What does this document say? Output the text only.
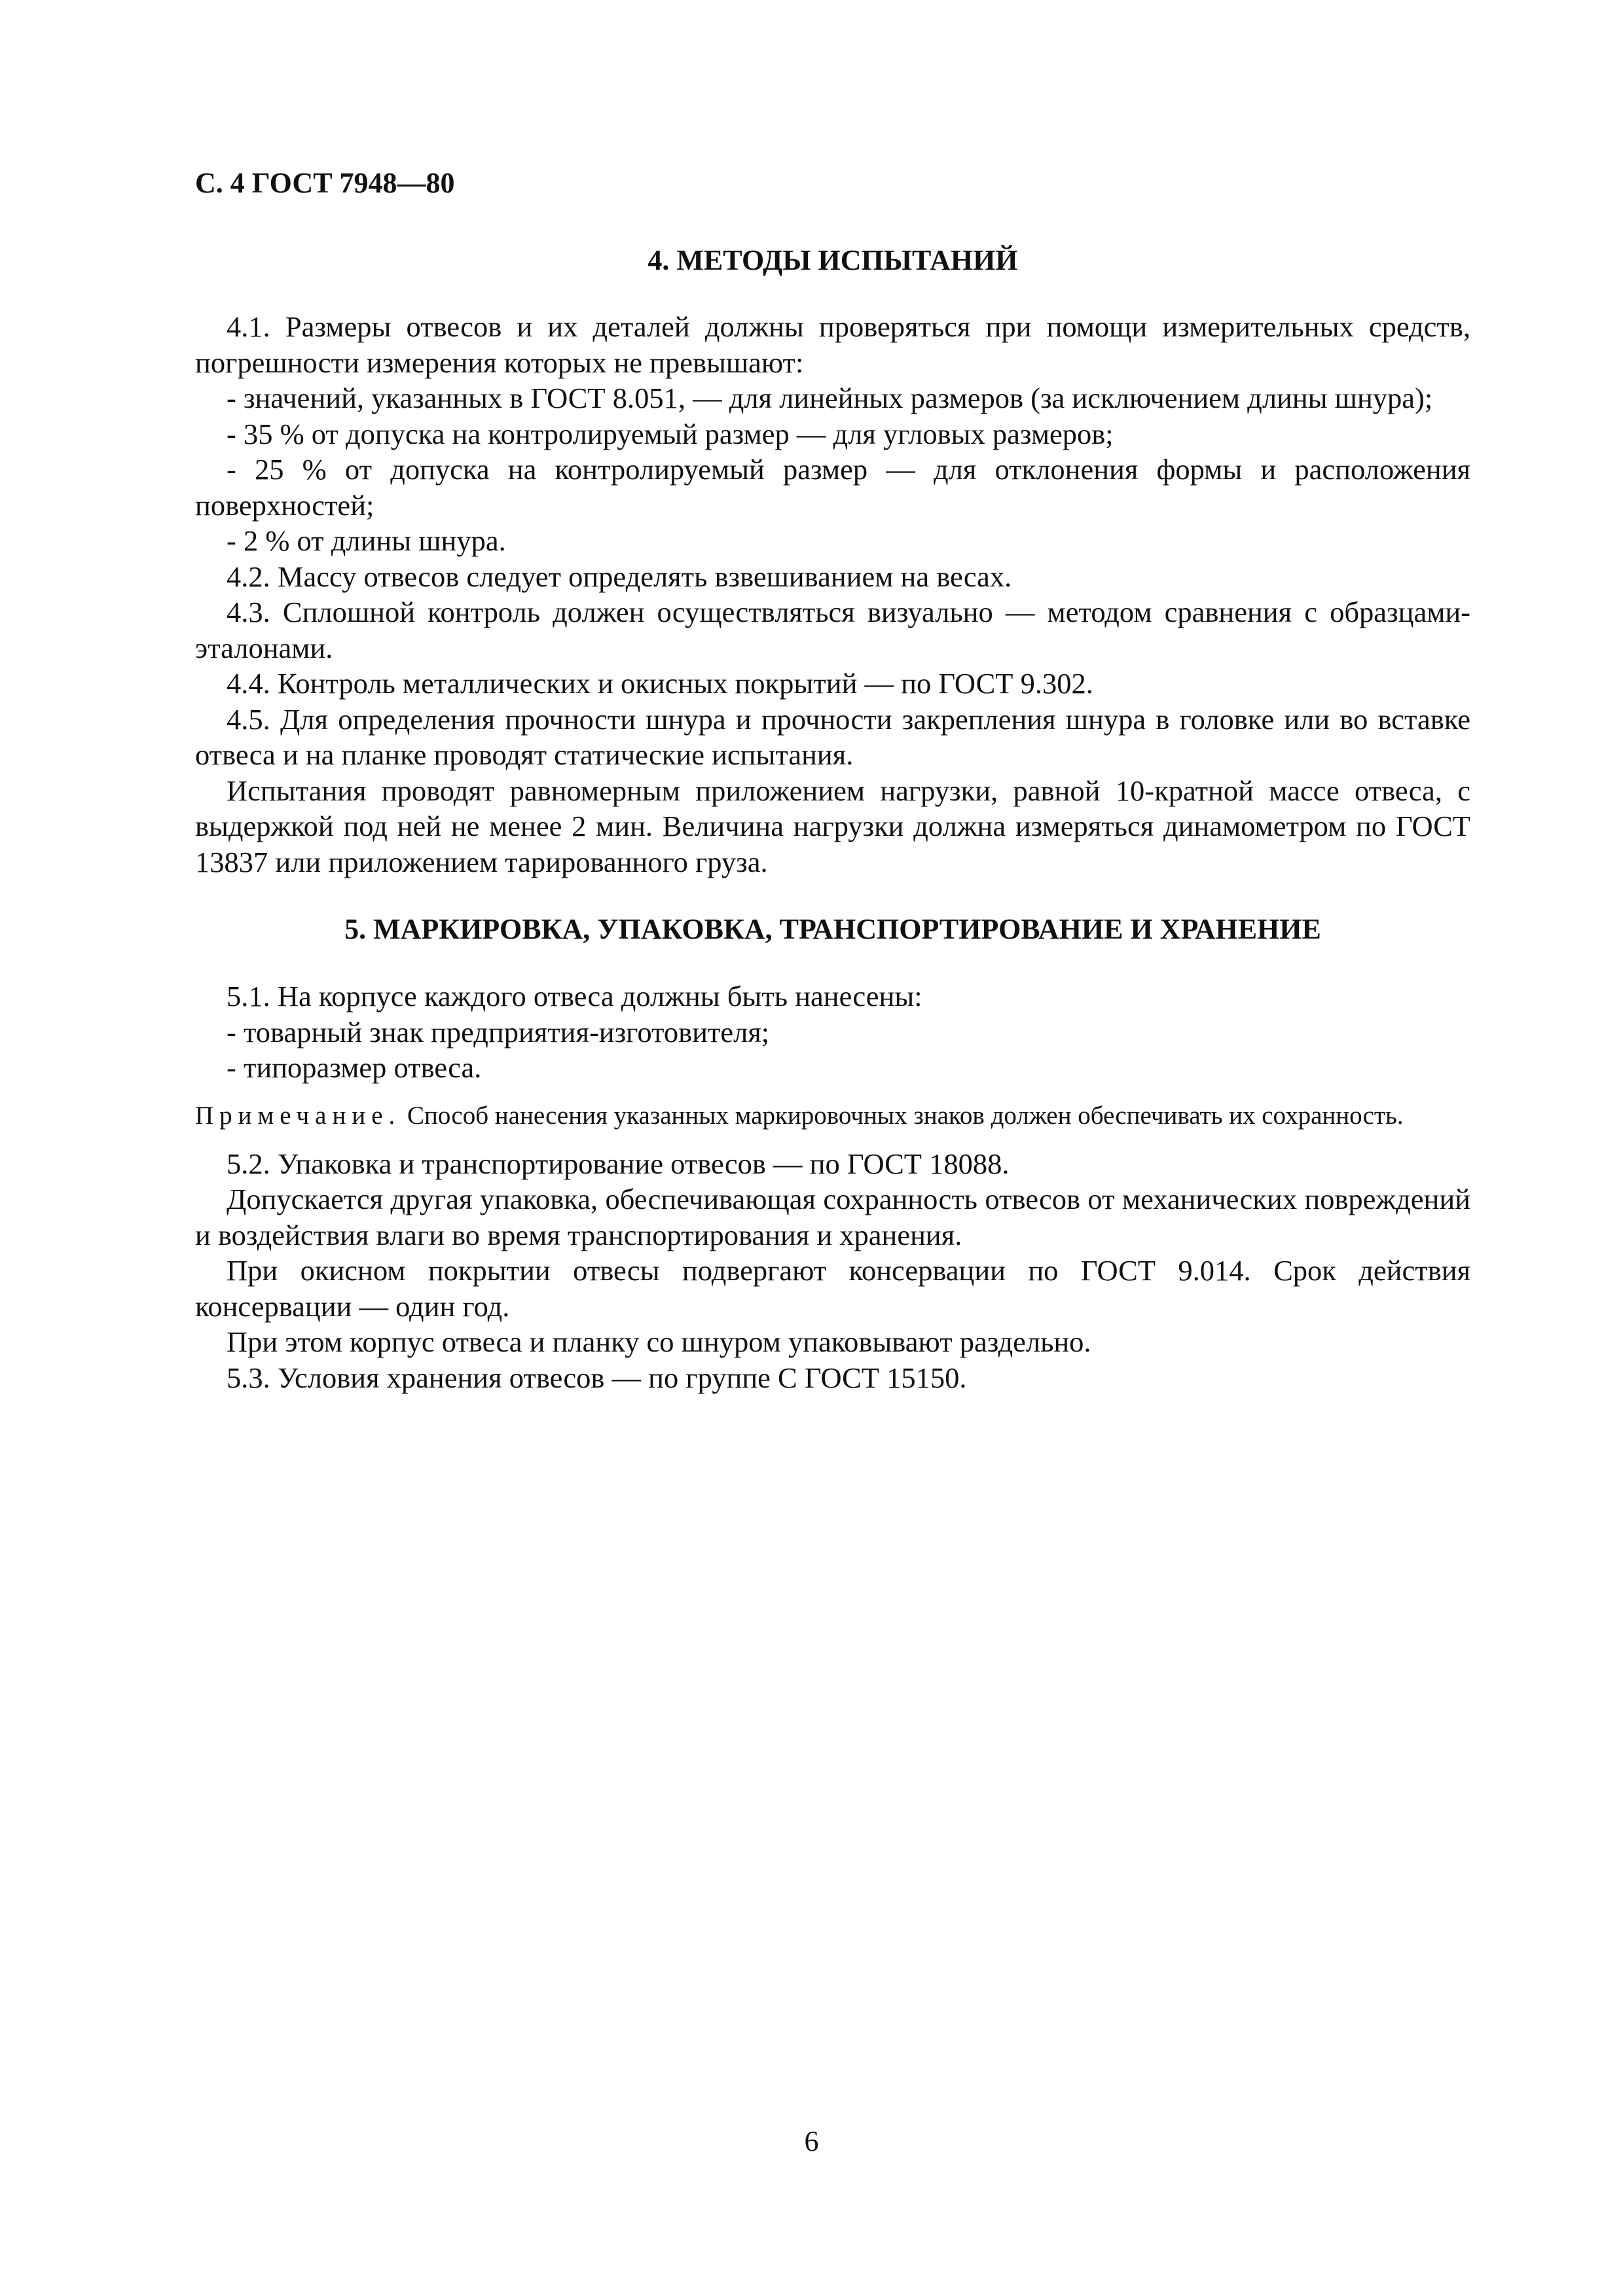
С. 4 ГОСТ 7948—80
4. МЕТОДЫ ИСПЫТАНИЙ

4.1. Размеры отвесов и их деталей должны проверяться при помощи измерительных средств, погрешности измерения которых не превышают:

- значений, указанных в ГОСТ 8.051, — для линейных размеров (за исключением длины шнура);

- 35 % от допуска на контролируемый размер — для угловых размеров;

- 25 % от допуска на контролируемый размер — для отклонения формы и расположения поверхностей;

- 2 % от длины шнура.

4.2. Массу отвесов следует определять взвешиванием на весах.

4.3. Сплошной контроль должен осуществляться визуально — методом сравнения с образцами-эталонами.

4.4. Контроль металлических и окисных покрытий — по ГОСТ 9.302.

4.5. Для определения прочности шнура и прочности закрепления шнура в головке или во вставке отвеса и на планке проводят статические испытания.

Испытания проводят равномерным приложением нагрузки, равной 10-кратной массе отвеса, с выдержкой под ней не менее 2 мин. Величина нагрузки должна измеряться динамометром по ГОСТ 13837 или приложением тарированного груза.

5. МАРКИРОВКА, УПАКОВКА, ТРАНСПОРТИРОВАНИЕ И ХРАНЕНИЕ

5.1. На корпусе каждого отвеса должны быть нанесены:

- товарный знак предприятия-изготовителя;

- типоразмер отвеса.

Примечание. Способ нанесения указанных маркировочных знаков должен обеспечивать их сохранность.

5.2. Упаковка и транспортирование отвесов — по ГОСТ 18088.

Допускается другая упаковка, обеспечивающая сохранность отвесов от механических повреждений и воздействия влаги во время транспортирования и хранения.

При окисном покрытии отвесы подвергают консервации по ГОСТ 9.014. Срок действия консервации — один год.

При этом корпус отвеса и планку со шнуром упаковывают раздельно.

5.3. Условия хранения отвесов — по группе С ГОСТ 15150.

6
